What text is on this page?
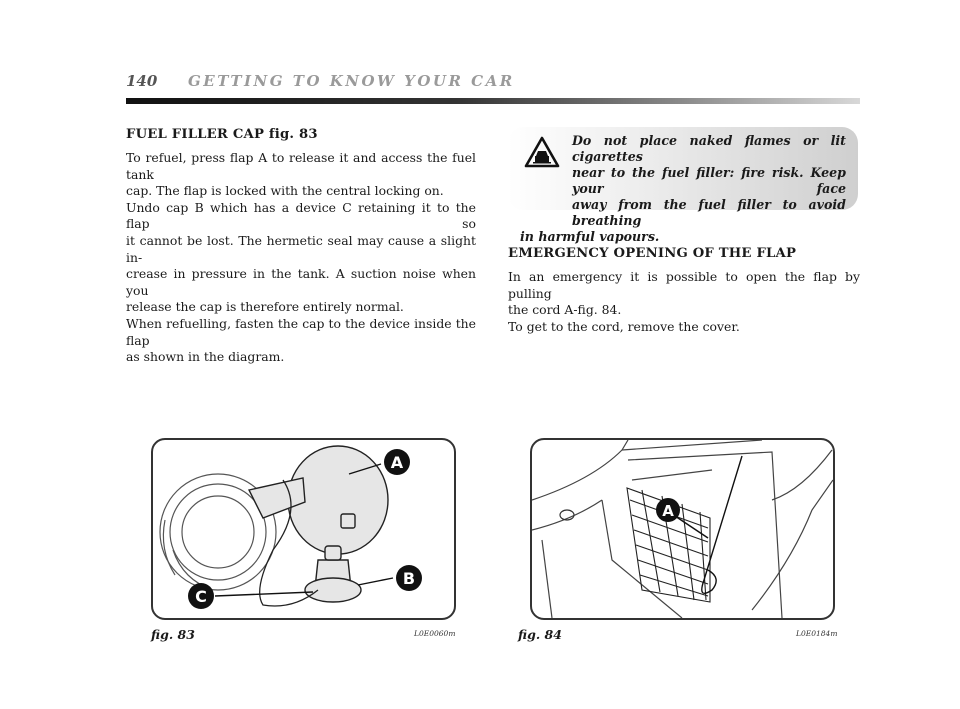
140 GETTING TO KNOW YOUR CAR

FUEL FILLER CAP fig. 83

To refuel, press flap A to release it and access the fuel tank

cap. The flap is locked with the central locking on.

Undo cap B which has a device C retaining it to the flap so

it cannot be lost. The hermetic seal may cause a slight in-

crease in pressure in the tank. A suction noise when you

release the cap is therefore entirely normal.

When refuelling, fasten the cap to the device inside the flap

as shown in the diagram.

Do not place naked flames or lit cigarettes

near to the fuel filler: fire risk. Keep your face

away from the fuel filler to avoid breathing

in harmful vapours.

EMERGENCY OPENING OF THE FLAP

In an emergency it is possible to open the flap by pulling

the cord A-fig. 84.

To get to the cord, remove the cover.

A
B
C
fig. 83	L0E0060m
A
fig. 84	L0E0184m
